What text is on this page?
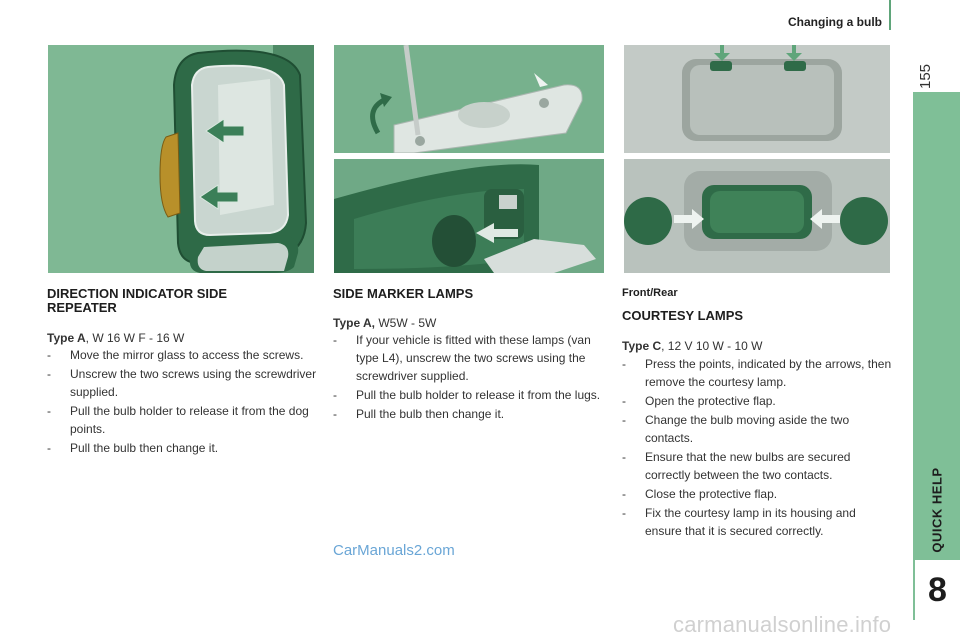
Changing a bulb
155
QUICK HELP
8
DIRECTION INDICATOR SIDE REPEATER
Type A, W 16 W F - 16 W
- Move the mirror glass to access the screws.
- Unscrew the two screws using the screwdriver supplied.
- Pull the bulb holder to release it from the dog points.
- Pull the bulb then change it.
SIDE MARKER LAMPS
Type A, W5W - 5W
- If your vehicle is fitted with these lamps (van type L4), unscrew the two screws using the screwdriver supplied.
- Pull the bulb holder to release it from the lugs.
- Pull the bulb then change it.
Front/Rear
COURTESY LAMPS
Type C, 12 V 10 W - 10 W
- Press the points, indicated by the arrows, then remove the courtesy lamp.
- Open the protective flap.
- Change the bulb moving aside the two contacts.
- Ensure that the new bulbs are secured correctly between the two contacts.
- Close the protective flap.
- Fix the courtesy lamp in its housing and ensure that it is secured correctly.
CarManuals2.com
carmanualsonline.info
